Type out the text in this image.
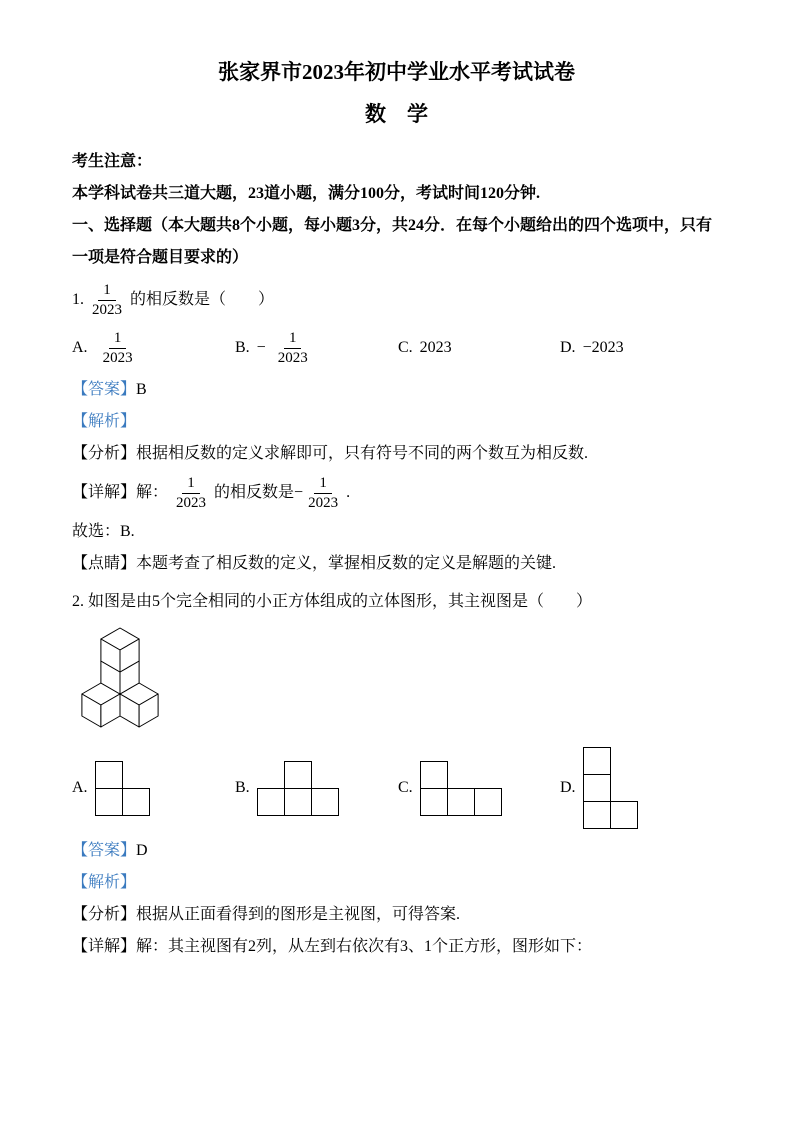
张家界市2023年初中学业水平考试试卷
数　学

考生注意：

本学科试卷共三道大题，23道小题，满分100分，考试时间120分钟.

一、选择题（本大题共8个小题，每小题3分，共24分．在每个小题给出的四个选项中，只有一项是符合题目要求的）

1. $\frac{1}{2023}$ 的相反数是（　　）
A. $\frac{1}{2023}$	B. − $\frac{1}{2023}$	C. 2023	D. −2023

【答案】B

【解析】

【分析】根据相反数的定义求解即可，只有符号不同的两个数互为相反数.

【详解】解： $\frac{1}{2023}$ 的相反数是 − $\frac{1}{2023}$ .

故选：B.

【点睛】本题考查了相反数的定义，掌握相反数的定义是解题的关键.

2. 如图是由5个完全相同的小正方体组成的立体图形，其主视图是（　　）

A.	B.	C.	D.

【答案】D

【解析】

【分析】根据从正面看得到的图形是主视图，可得答案.

【详解】解：其主视图有2列，从左到右依次有3、1个正方形，图形如下：
